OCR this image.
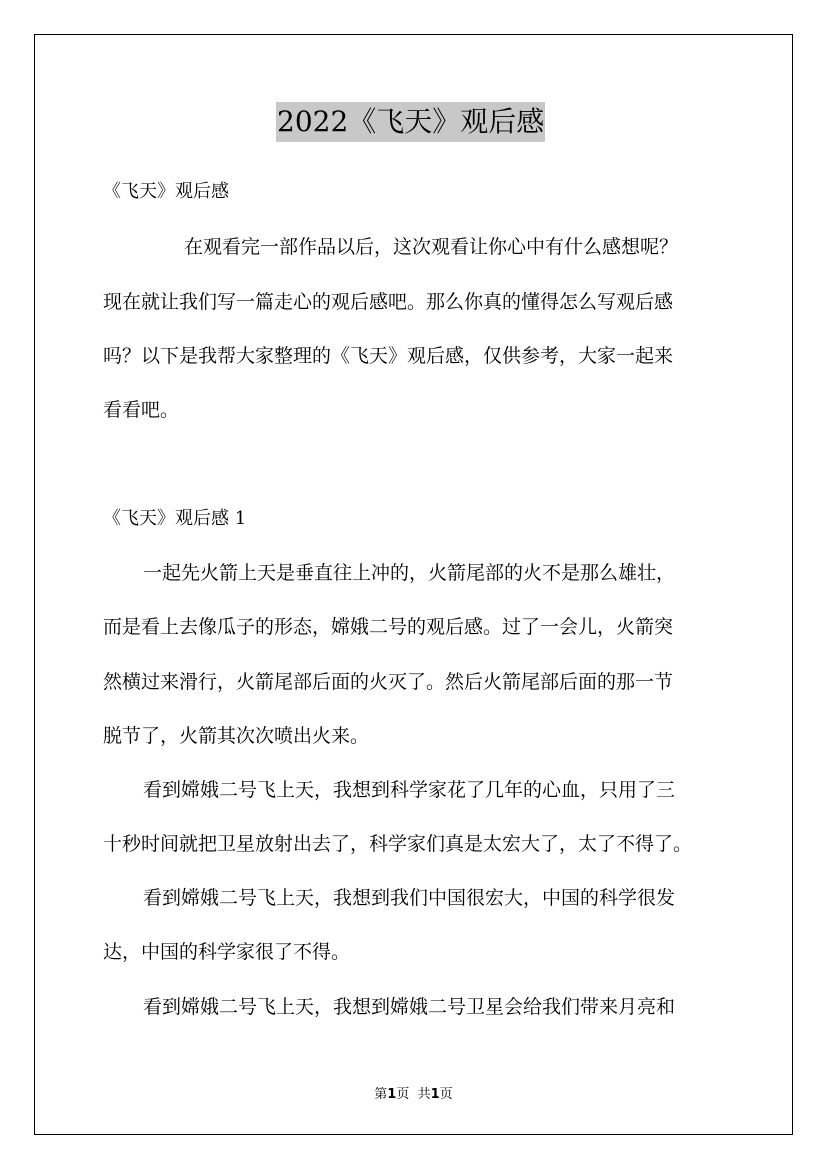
2022《飞天》观后感
《飞天》观后感
在观看完一部作品以后，这次观看让你心中有什么感想呢？
现在就让我们写一篇走心的观后感吧。那么你真的懂得怎么写观后感
吗？以下是我帮大家整理的《飞天》观后感，仅供参考，大家一起来
看看吧。
《飞天》观后感 1
一起先火箭上天是垂直往上冲的，火箭尾部的火不是那么雄壮，
而是看上去像瓜子的形态，嫦娥二号的观后感。过了一会儿，火箭突
然横过来滑行，火箭尾部后面的火灭了。然后火箭尾部后面的那一节
脱节了，火箭其次次喷出火来。
看到嫦娥二号飞上天，我想到科学家花了几年的心血，只用了三
十秒时间就把卫星放射出去了，科学家们真是太宏大了，太了不得了。
看到嫦娥二号飞上天，我想到我们中国很宏大，中国的科学很发
达，中国的科学家很了不得。
看到嫦娥二号飞上天，我想到嫦娥二号卫星会给我们带来月亮和
第1页 共1页
